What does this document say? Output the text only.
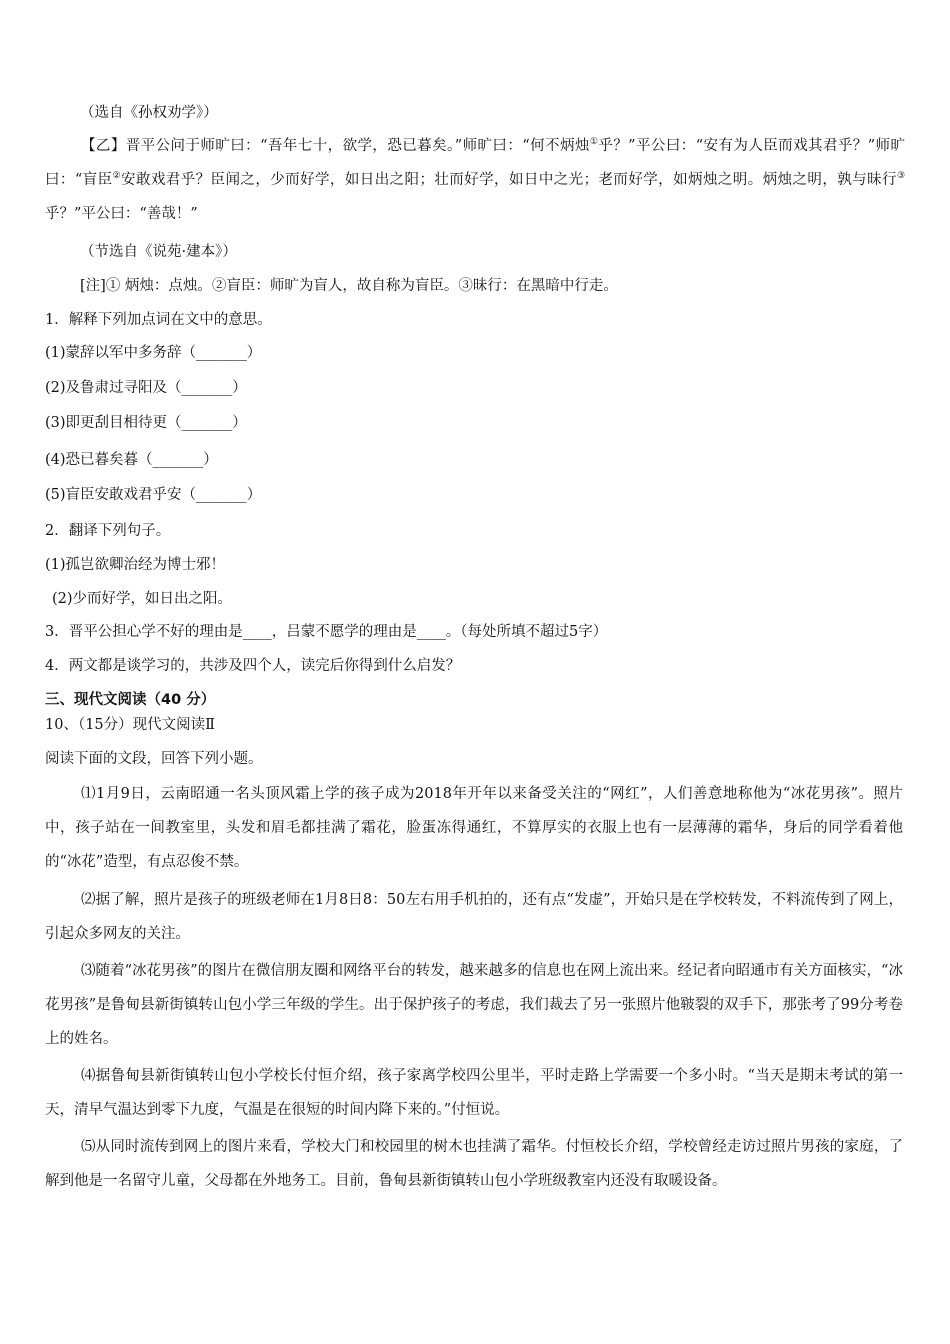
（选自《孙权劝学》）
【乙】晋平公问于师旷曰：“吾年七十，欲学，恐已暮矣。”师旷曰：“何不炳烛①乎？”平公曰：“安有为人臣而戏其君乎？”师旷曰：“盲臣②安敢戏君乎？臣闻之，少而好学，如日出之阳；壮而好学，如日中之光；老而好学，如炳烛之明。炳烛之明，孰与昧行③乎？”平公曰：“善哉！”
（节选自《说苑·建本》）
[注]① 炳烛：点烛。②盲臣：师旷为盲人，故自称为盲臣。③昧行：在黑暗中行走。
1．解释下列加点词在文中的意思。
(1)蒙辞以军中多务辞（_______）
(2)及鲁肃过寻阳及（_______）
(3)即更刮目相待更（_______）
(4)恐已暮矣暮（_______）
(5)盲臣安敢戏君乎安（_______）
2．翻译下列句子。
(1)孤岂欲卿治经为博士邪！
(2)少而好学，如日出之阳。
3．晋平公担心学不好的理由是____，吕蒙不愿学的理由是____。（每处所填不超过5字）
4．两文都是谈学习的，共涉及四个人，读完后你得到什么启发？
三、现代文阅读（40 分）
10、（15分）现代文阅读Ⅱ
阅读下面的文段，回答下列小题。
⑴1月9日，云南昭通一名头顶风霜上学的孩子成为2018年开年以来备受关注的“网红”，人们善意地称他为“冰花男孩”。照片中，孩子站在一间教室里，头发和眉毛都挂满了霜花，脸蛋冻得通红，不算厚实的衣服上也有一层薄薄的霜华，身后的同学看着他的“冰花”造型，有点忍俊不禁。
⑵据了解，照片是孩子的班级老师在1月8日8：50左右用手机拍的，还有点“发虚”，开始只是在学校转发，不料流传到了网上，引起众多网友的关注。
⑶随着“冰花男孩”的图片在微信朋友圈和网络平台的转发，越来越多的信息也在网上流出来。经记者向昭通市有关方面核实，“冰花男孩”是鲁甸县新街镇转山包小学三年级的学生。出于保护孩子的考虑，我们裁去了另一张照片他皲裂的双手下，那张考了99分考卷上的姓名。
⑷据鲁甸县新街镇转山包小学校长付恒介绍，孩子家离学校四公里半，平时走路上学需要一个多小时。“当天是期末考试的第一天，清早气温达到零下九度，气温是在很短的时间内降下来的。”付恒说。
⑸从同时流传到网上的图片来看，学校大门和校园里的树木也挂满了霜华。付恒校长介绍，学校曾经走访过照片男孩的家庭，了解到他是一名留守儿童，父母都在外地务工。目前，鲁甸县新街镇转山包小学班级教室内还没有取暖设备。
